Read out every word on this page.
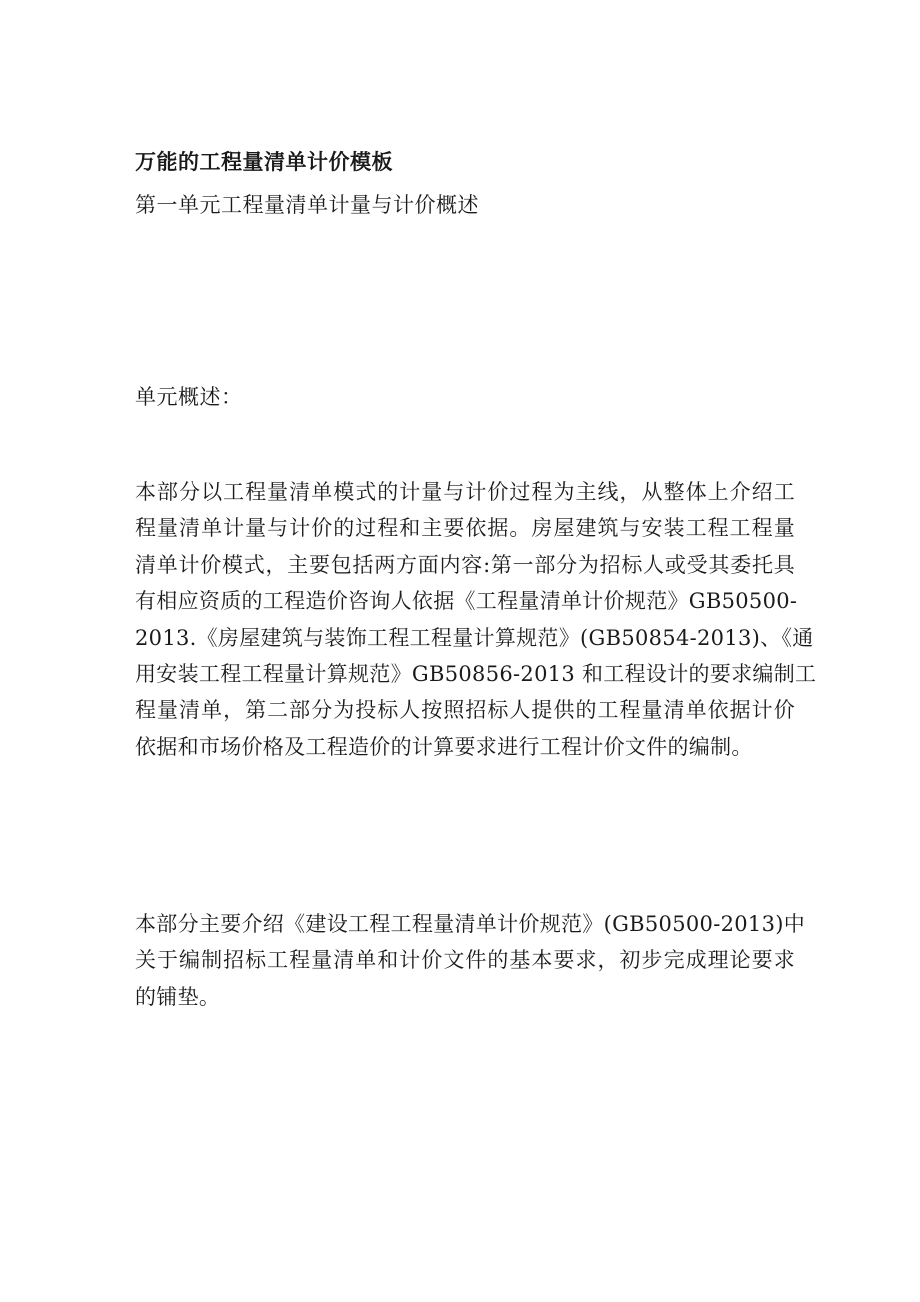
万能的工程量清单计价模板
第一单元工程量清单计量与计价概述
单元概述：
本部分以工程量清单模式的计量与计价过程为主线，从整体上介绍工
程量清单计量与计价的过程和主要依据。房屋建筑与安装工程工程量
清单计价模式，主要包括两方面内容:第一部分为招标人或受其委托具
有相应资质的工程造价咨询人依据《工程量清单计价规范》GB50500-
2013.《房屋建筑与装饰工程工程量计算规范》(GB50854-2013)、《通
用安装工程工程量计算规范》GB50856-2013 和工程设计的要求编制工
程量清单，第二部分为投标人按照招标人提供的工程量清单依据计价
依据和市场价格及工程造价的计算要求进行工程计价文件的编制。
本部分主要介绍《建设工程工程量清单计价规范》(GB50500-2013)中
关于编制招标工程量清单和计价文件的基本要求，初步完成理论要求
的铺垫。
